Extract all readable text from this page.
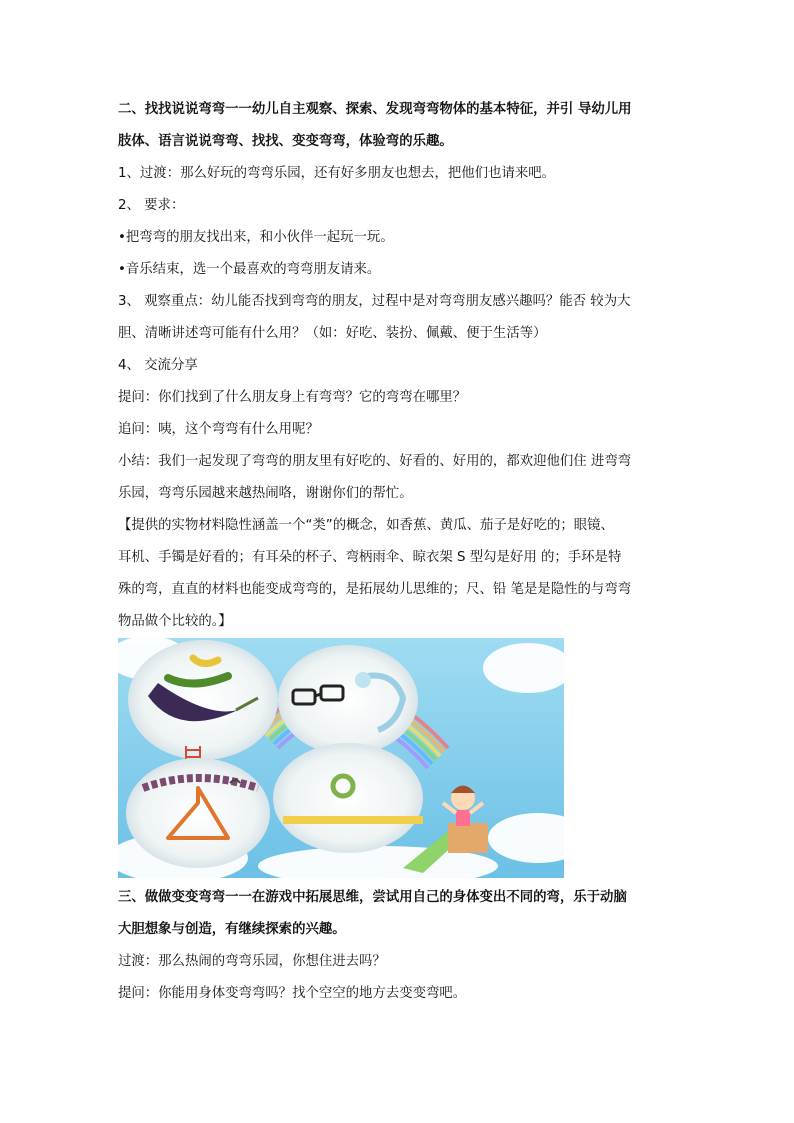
二、找找说说弯弯一一幼儿自主观察、探索、发现弯弯物体的基本特征，并引 导幼儿用
肢体、语言说说弯弯、找找、变变弯弯，体验弯的乐趣。
1、过渡：那么好玩的弯弯乐园，还有好多朋友也想去，把他们也请来吧。
2、 要求：
•把弯弯的朋友找出来，和小伙伴一起玩一玩。
•音乐结束，选一个最喜欢的弯弯朋友请来。
3、 观察重点：幼儿能否找到弯弯的朋友，过程中是对弯弯朋友感兴趣吗？能否 较为大
胆、清晰讲述弯可能有什么用？（如：好吃、装扮、佩戴、便于生活等）
4、 交流分享
提问：你们找到了什么朋友身上有弯弯？它的弯弯在哪里？
追问：咦，这个弯弯有什么用呢？
小结：我们一起发现了弯弯的朋友里有好吃的、好看的、好用的，都欢迎他们住 进弯弯
乐园，弯弯乐园越来越热闹咯，谢谢你们的帮忙。
【提供的实物材料隐性涵盖一个“类”的概念，如香蕉、黄瓜、茄子是好吃的；眼镜、
耳机、手镯是好看的；有耳朵的杯子、弯柄雨伞、晾衣架 S 型勾是好用 的；手环是特
殊的弯，直直的材料也能变成弯弯的，是拓展幼儿思维的；尺、铅 笔是是隐性的与弯弯
物品做个比较的。】
三、做做变变弯弯一一在游戏中拓展思维，尝试用自己的身体变出不同的弯，乐于动脑
大胆想象与创造，有继续探索的兴趣。
过渡：那么热闹的弯弯乐园，你想住进去吗？
提问：你能用身体变弯弯吗？找个空空的地方去变变弯吧。
